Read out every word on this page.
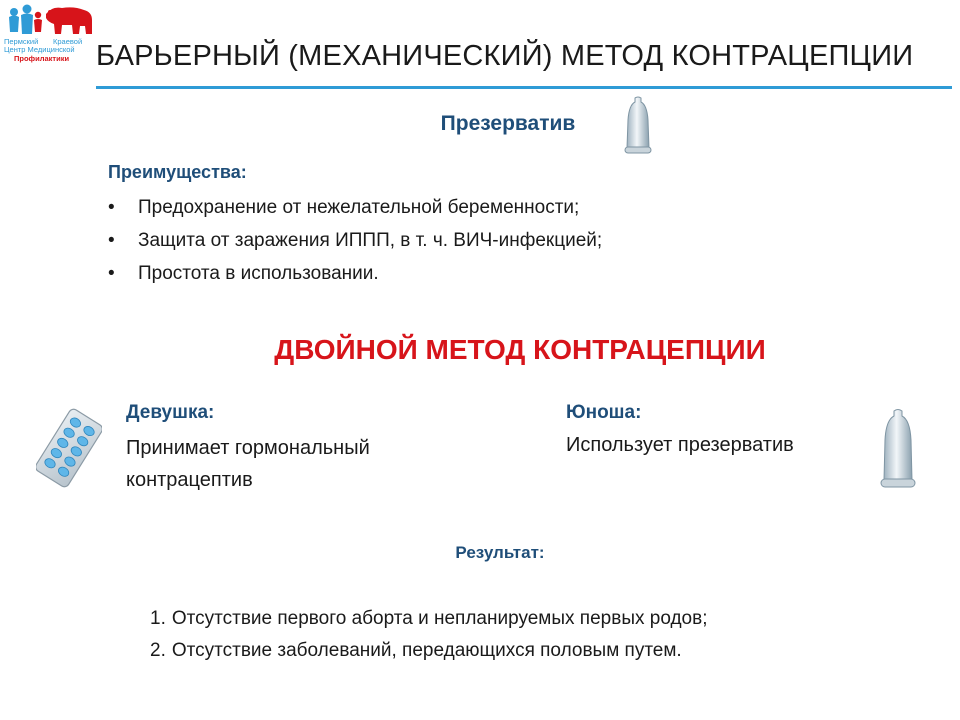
Пермский Краевой
Центр Медицинской
Профилактики БАРЬЕРНЫЙ (МЕХАНИЧЕСКИЙ) МЕТОД КОНТРАЦЕПЦИИ
Презерватив
Преимущества:
• Предохранение от нежелательной беременности;
• Защита от заражения ИППП, в т. ч. ВИЧ-инфекцией;
• Простота в использовании.
ДВОЙНОЙ МЕТОД КОНТРАЦЕПЦИИ
Девушка:
Принимает гормональный контрацептив
Юноша:
Использует презерватив
Результат:
1. Отсутствие первого аборта и непланируемых первых родов;
2. Отсутствие заболеваний, передающихся половым путем.
